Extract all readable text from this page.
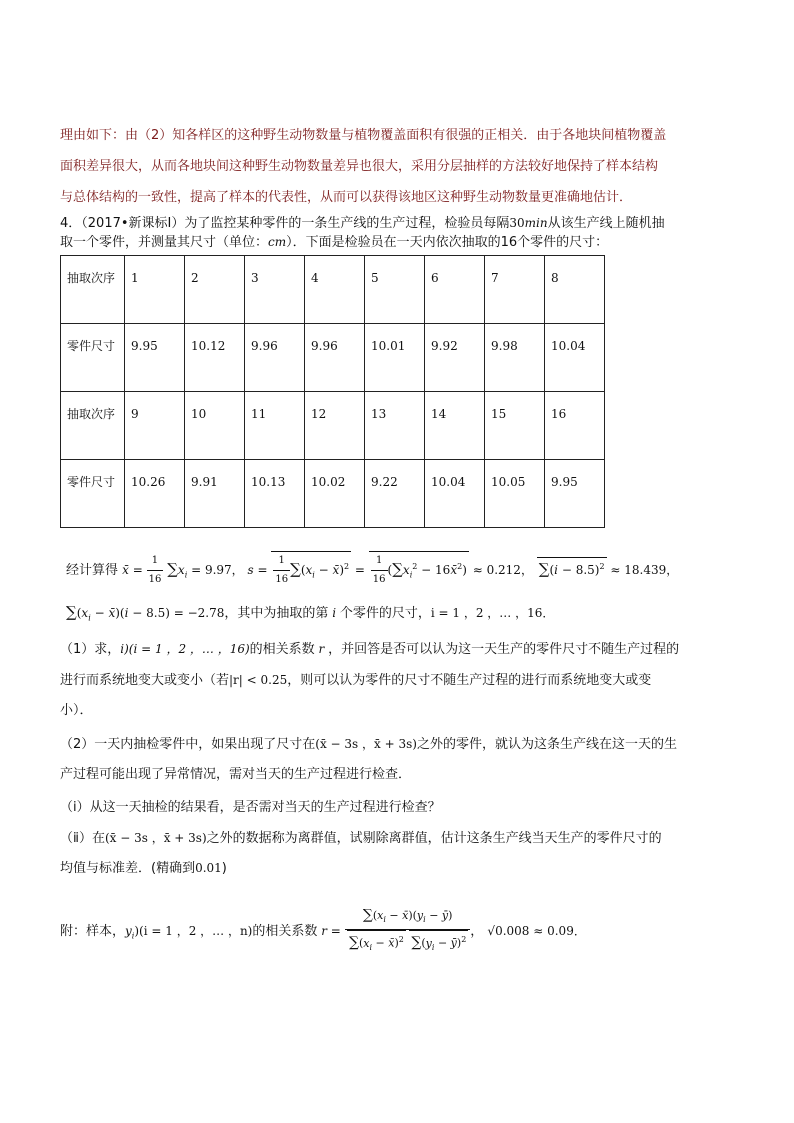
理由如下：由（2）知各样区的这种野生动物数量与植物覆盖面积有很强的正相关．由于各地块间植物覆盖
面积差异很大，从而各地块间这种野生动物数量差异也很大，采用分层抽样的方法较好地保持了样本结构
与总体结构的一致性，提高了样本的代表性，从而可以获得该地区这种野生动物数量更准确地估计．
4．（2017•新课标Ⅰ）为了监控某种零件的一条生产线的生产过程，检验员每隔30min从该生产线上随机抽
取一个零件，并测量其尺寸（单位：cm）．下面是检验员在一天内依次抽取的16个零件的尺寸：
抽取次序	1	2	3	4	5	6	7	8
零件尺寸	9.95	10.12	9.96	9.96	10.01	9.92	9.98	10.04
抽取次序	9	10	11	12	13	14	15	16
零件尺寸	10.26	9.91	10.13	10.02	9.22	10.04	10.05	9.95
经计算得 x̄ = $\frac{1}{16} \sum x_i = 9.97$， $s = \frac{1}{16} \sum(x_i$ − x̄)$^2$ = $\frac{1}{16} (\sum x_i^2$ − 16x̄$^2$) ≈ 0.212， $\sum(i - 8.5)^2 \approx 18.439$，
$\sum(x_i$ − x̄)(i − 8.5) = −2.78，其中为抽取的第 i 个零件的尺寸，i = 1 ，2 ，… ，16．
（1）求，i)(i = 1 ，2 ，… ，16)的相关系数 r ，并回答是否可以认为这一天生产的零件尺寸不随生产过程的
进行而系统地变大或变小（若|r| < 0.25，则可以认为零件的尺寸不随生产过程的进行而系统地变大或变
小）．
（2）一天内抽检零件中，如果出现了尺寸在(x̄ − 3s ，x̄ + 3s)之外的零件，就认为这条生产线在这一天的生
产过程可能出现了异常情况，需对当天的生产过程进行检查．
（ⅰ）从这一天抽检的结果看，是否需对当天的生产过程进行检查？
（ⅱ）在(x̄ − 3s ，x̄ + 3s)之外的数据称为离群值，试剔除离群值，估计这条生产线当天生产的零件尺寸的
均值与标准差．(精确到0.01)
附：样本，$y_i)(i = 1$ ，2 ，… ，n)的相关系数 $r = \frac{\sum(x_i - x̄)(y_i - ȳ)}{\sum(x_i - x̄)^2 \sum(y_i - ȳ)^2}$ ， √0.008 ≈ 0.09．
